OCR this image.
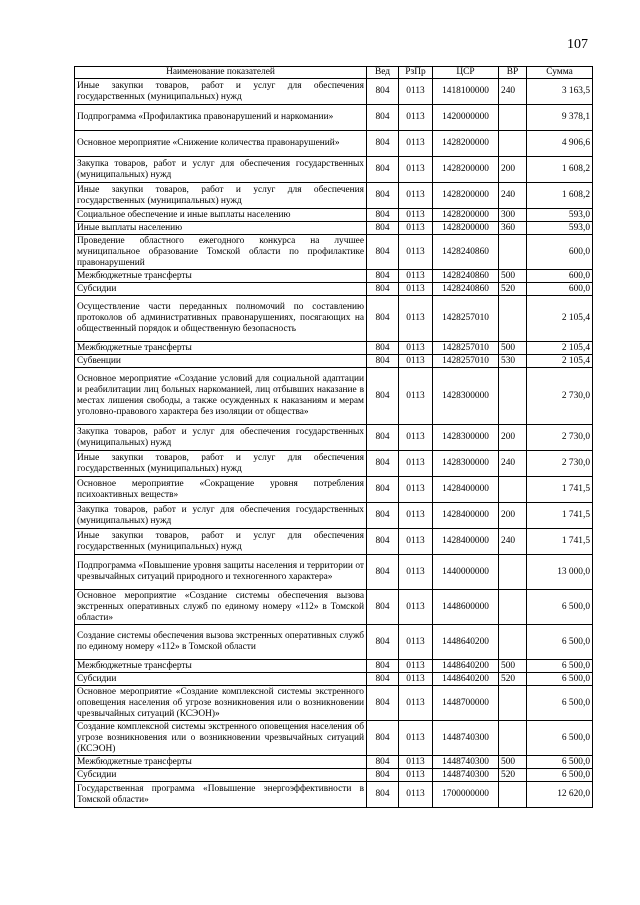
107
Наименование показателей	Вед	РзПр	ЦСР	ВР	Сумма
Иные закупки товаров, работ и услуг для обеспечения государственных (муниципальных) нужд	804	0113	1418100000	240	3 163,5
Подпрограмма «Профилактика правонарушений и наркомании»	804	0113	1420000000		9 378,1
Основное мероприятие «Снижение количества правонарушений»	804	0113	1428200000		4 906,6
Закупка товаров, работ и услуг для обеспечения государственных (муниципальных) нужд	804	0113	1428200000	200	1 608,2
Иные закупки товаров, работ и услуг для обеспечения государственных (муниципальных) нужд	804	0113	1428200000	240	1 608,2
Социальное обеспечение и иные выплаты населению	804	0113	1428200000	300	593,0
Иные выплаты населению	804	0113	1428200000	360	593,0
Проведение областного ежегодного конкурса на лучшее муниципальное образование Томской области по профилактике правонарушений	804	0113	1428240860		600,0
Межбюджетные трансферты	804	0113	1428240860	500	600,0
Субсидии	804	0113	1428240860	520	600,0
Осуществление части переданных полномочий по составлению протоколов об административных правонарушениях, посягающих на общественный порядок и общественную безопасность	804	0113	1428257010		2 105,4
Межбюджетные трансферты	804	0113	1428257010	500	2 105,4
Субвенции	804	0113	1428257010	530	2 105,4
Основное мероприятие «Создание условий для социальной адаптации и реабилитации лиц больных наркоманией, лиц отбывших наказание в местах лишения свободы, а также осужденных к наказаниям и мерам уголовно-правового характера без изоляции от общества»	804	0113	1428300000		2 730,0
Закупка товаров, работ и услуг для обеспечения государственных (муниципальных) нужд	804	0113	1428300000	200	2 730,0
Иные закупки товаров, работ и услуг для обеспечения государственных (муниципальных) нужд	804	0113	1428300000	240	2 730,0
Основное мероприятие «Сокращение уровня потребления психоактивных веществ»	804	0113	1428400000		1 741,5
Закупка товаров, работ и услуг для обеспечения государственных (муниципальных) нужд	804	0113	1428400000	200	1 741,5
Иные закупки товаров, работ и услуг для обеспечения государственных (муниципальных) нужд	804	0113	1428400000	240	1 741,5
Подпрограмма «Повышение уровня защиты населения и территории от чрезвычайных ситуаций природного и техногенного характера»	804	0113	1440000000		13 000,0
Основное мероприятие «Создание системы обеспечения вызова экстренных оперативных служб по единому номеру «112» в Томской области»	804	0113	1448600000		6 500,0
Создание системы обеспечения вызова экстренных оперативных служб по единому номеру «112» в Томской области	804	0113	1448640200		6 500,0
Межбюджетные трансферты	804	0113	1448640200	500	6 500,0
Субсидии	804	0113	1448640200	520	6 500,0
Основное мероприятие «Создание комплексной системы экстренного оповещения населения об угрозе возникновения или о возникновении чрезвычайных ситуаций (КСЭОН)»	804	0113	1448700000		6 500,0
Создание комплексной системы экстренного оповещения населения об угрозе возникновения или о возникновении чрезвычайных ситуаций (КСЭОН)	804	0113	1448740300		6 500,0
Межбюджетные трансферты	804	0113	1448740300	500	6 500,0
Субсидии	804	0113	1448740300	520	6 500,0
Государственная программа «Повышение энергоэффективности в Томской области»	804	0113	1700000000		12 620,0
